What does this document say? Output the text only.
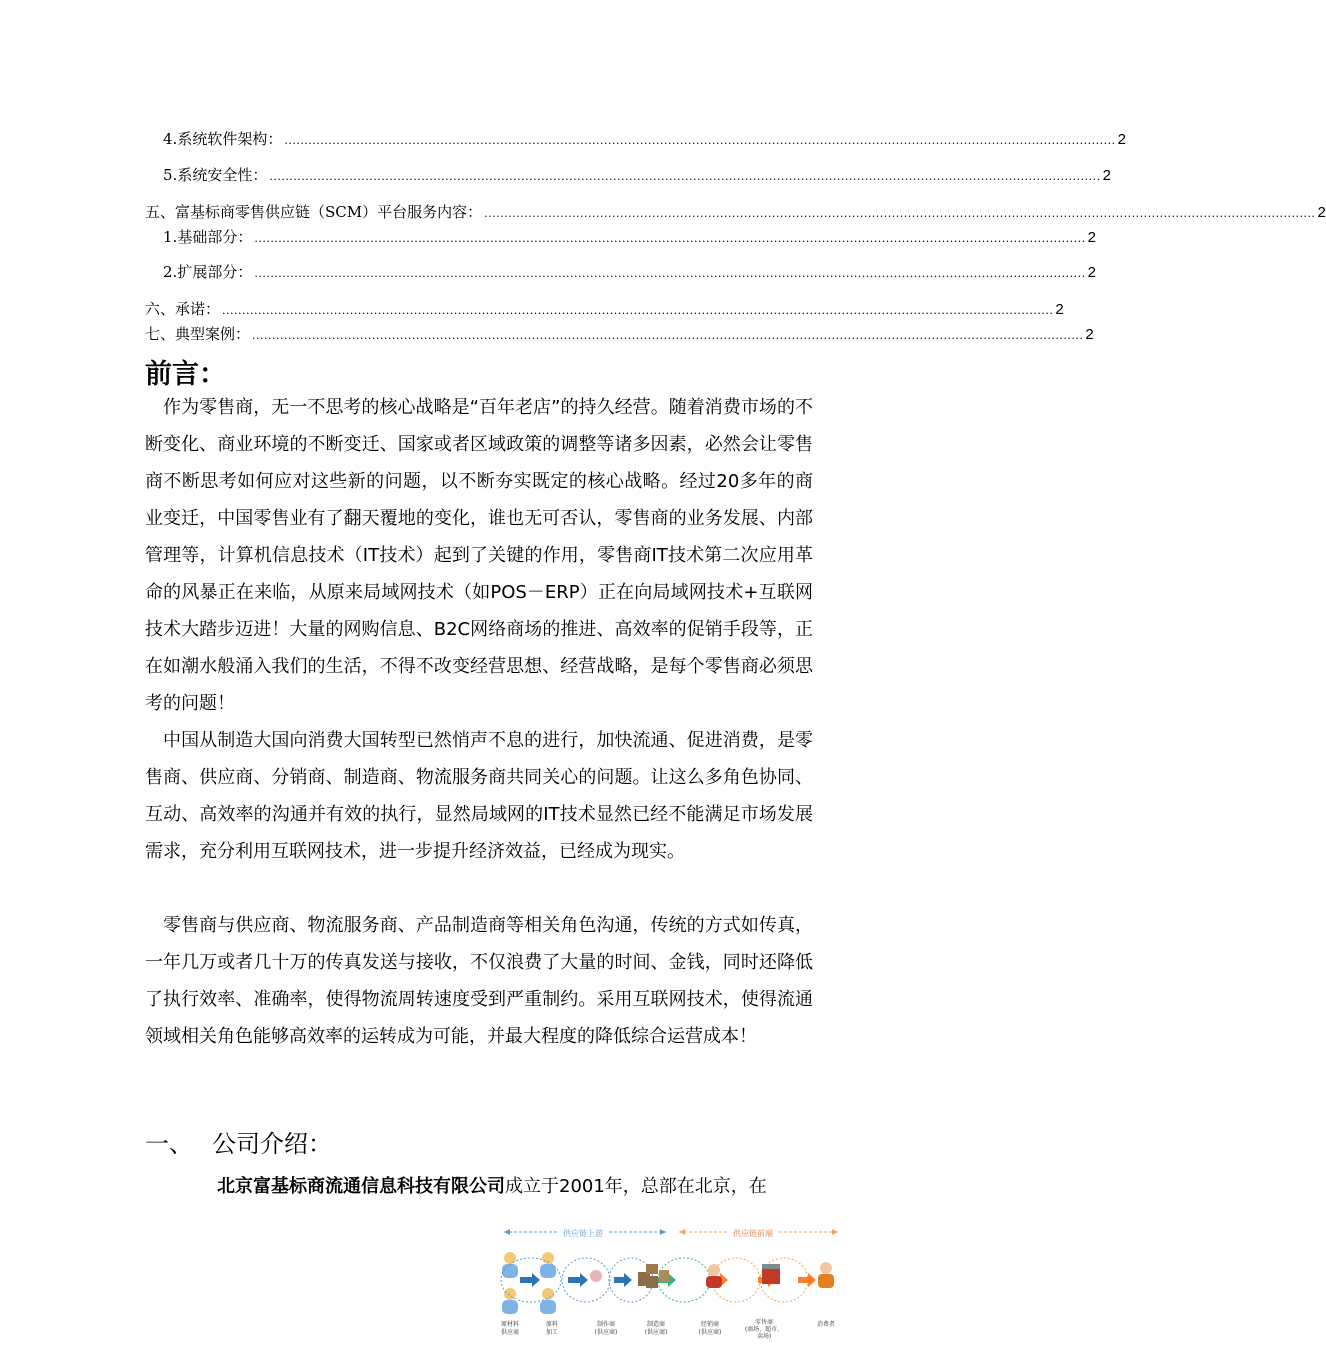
4. 系统软件架构： ................................................................................................................................................................................................................ 2
5. 系统安全性： ................................................................................................................................................................................................................ 2
五、 富基标商零售供应链（SCM）平台服务内容： ................................................................................................................................................................................................................ 2
1. 基础部分： ................................................................................................................................................................................................................ 2
2. 扩展部分： ................................................................................................................................................................................................................ 2
六、 承诺： ................................................................................................................................................................................................................ 2
七、 典型案例： ................................................................................................................................................................................................................ 2
前言：
作为零售商，无一不思考的核心战略是“百年老店”的持久经营。随着消费市场的不断变化、商业环境的不断变迁、国家或者区域政策的调整等诸多因素，必然会让零售商不断思考如何应对这些新的问题，以不断夯实既定的核心战略。经过20多年的商业变迁，中国零售业有了翻天覆地的变化，谁也无可否认，零售商的业务发展、内部管理等，计算机信息技术（IT技术）起到了关键的作用，零售商IT技术第二次应用革命的风暴正在来临，从原来局域网技术（如POS－ERP）正在向局域网技术+互联网技术大踏步迈进！大量的网购信息、B2C网络商场的推进、高效率的促销手段等，正在如潮水般涌入我们的生活，不得不改变经营思想、经营战略，是每个零售商必须思考的问题！
中国从制造大国向消费大国转型已然悄声不息的进行，加快流通、促进消费，是零售商、供应商、分销商、制造商、物流服务商共同关心的问题。让这么多角色协同、互动、高效率的沟通并有效的执行，显然局域网的IT技术显然已经不能满足市场发展需求，充分利用互联网技术，进一步提升经济效益，已经成为现实。
零售商与供应商、物流服务商、产品制造商等相关角色沟通，传统的方式如传真，一年几万或者几十万的传真发送与接收，不仅浪费了大量的时间、金钱，同时还降低了执行效率、准确率，使得物流周转速度受到严重制约。采用互联网技术，使得流通领域相关角色能够高效率的运转成为可能，并最大程度的降低综合运营成本！
一、 公司介绍：
北京富基标商流通信息科技有限公司成立于2001年，总部在北京，在
供应链上游	供应链前端
原材料
供应商
原料
加工
制作商
(供应商)
制造商
(供应商)
经销商
(供应商)
零售商
(商场、超市、
卖场)
消费者
